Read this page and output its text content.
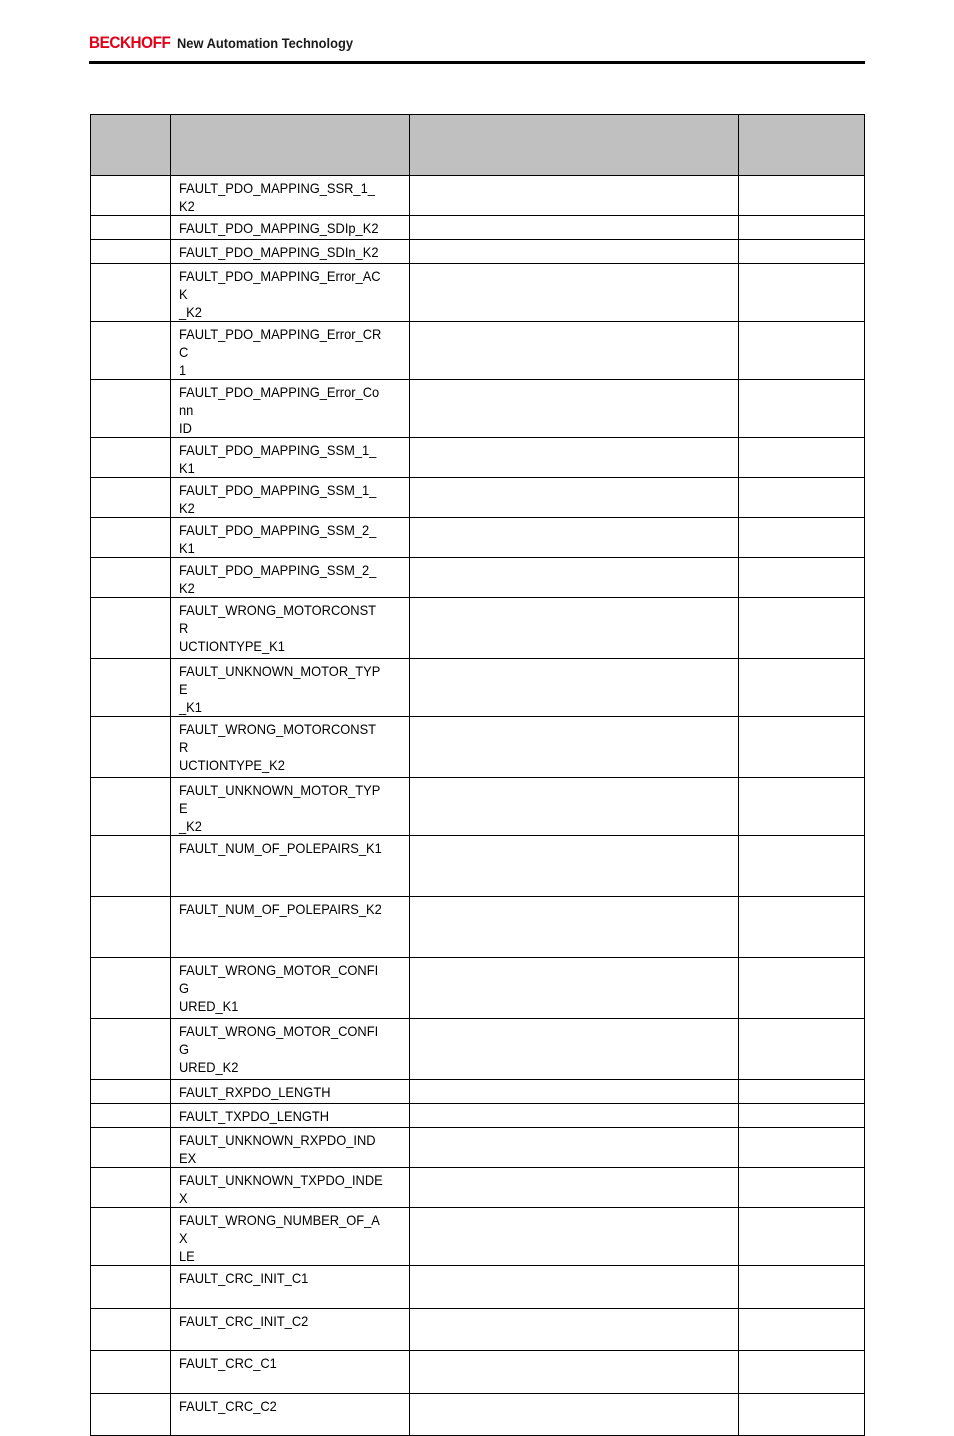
BECKHOFF New Automation Technology

	FAULT_PDO_MAPPING_SSR_1_K2		
	FAULT_PDO_MAPPING_SDIp_K2		
	FAULT_PDO_MAPPING_SDIn_K2		
	FAULT_PDO_MAPPING_Error_ACK
_K2		
	FAULT_PDO_MAPPING_Error_CRC
1		
	FAULT_PDO_MAPPING_Error_Conn
ID		
	FAULT_PDO_MAPPING_SSM_1_K1		
	FAULT_PDO_MAPPING_SSM_1_K2		
	FAULT_PDO_MAPPING_SSM_2_K1		
	FAULT_PDO_MAPPING_SSM_2_K2		
	FAULT_WRONG_MOTORCONSTR
UCTIONTYPE_K1		
	FAULT_UNKNOWN_MOTOR_TYPE
_K1		
	FAULT_WRONG_MOTORCONSTR
UCTIONTYPE_K2		
	FAULT_UNKNOWN_MOTOR_TYPE
_K2		
	FAULT_NUM_OF_POLEPAIRS_K1		
	FAULT_NUM_OF_POLEPAIRS_K2		
	FAULT_WRONG_MOTOR_CONFIG
URED_K1		
	FAULT_WRONG_MOTOR_CONFIG
URED_K2		
	FAULT_RXPDO_LENGTH		
	FAULT_TXPDO_LENGTH		
	FAULT_UNKNOWN_RXPDO_INDEX		
	FAULT_UNKNOWN_TXPDO_INDEX		
	FAULT_WRONG_NUMBER_OF_AX
LE		
	FAULT_CRC_INIT_C1		
	FAULT_CRC_INIT_C2		
	FAULT_CRC_C1		
	FAULT_CRC_C2		
